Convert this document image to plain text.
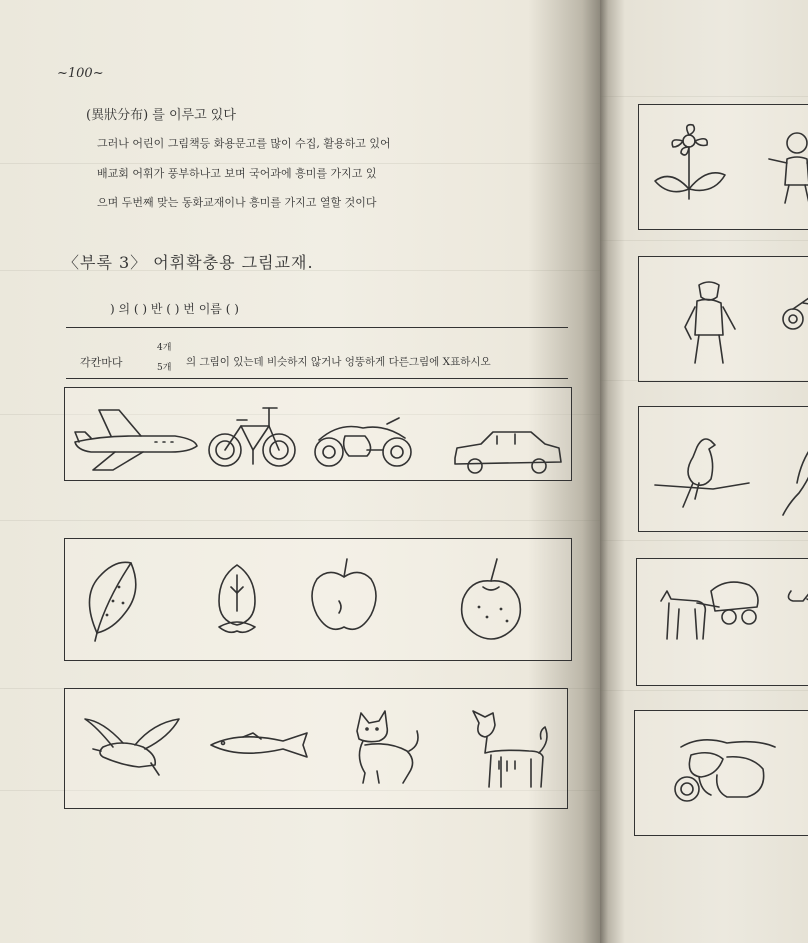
~100~
(異狀分布) 를 이루고 있다
그러나 어린이 그림책등 화용문고를 많이 수집, 활용하고 있어
배교회 어휘가 풍부하나고 보며 국어과에 흥미를 가지고 있
으며 두번째 맞는 동화교재이나 흥미를 가지고 열할 것이다
〈부록 3〉 어휘확충용 그림교재.
) 의 ( ) 반 ( ) 번 이름 ( )
각칸마다
4개
5개 의 그림이 있는데 비슷하지 않거나 엉뚱하게 다른그림에 X표하시오
